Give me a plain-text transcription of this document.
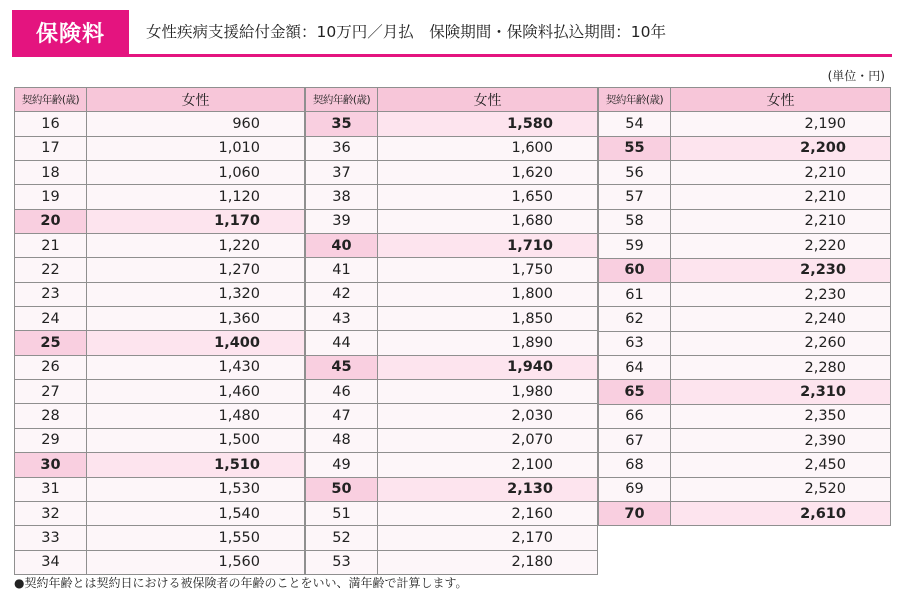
保険料	女性疾病支援給付金額：10万円／月払　保険期間・保険料払込期間：10年
(単位・円)
契約年齢(歳)	女性
16	960
17	1,010
18	1,060
19	1,120
20	1,170
21	1,220
22	1,270
23	1,320
24	1,360
25	1,400
26	1,430
27	1,460
28	1,480
29	1,500
30	1,510
31	1,530
32	1,540
33	1,550
34	1,560
契約年齢(歳)	女性
35	1,580
36	1,600
37	1,620
38	1,650
39	1,680
40	1,710
41	1,750
42	1,800
43	1,850
44	1,890
45	1,940
46	1,980
47	2,030
48	2,070
49	2,100
50	2,130
51	2,160
52	2,170
53	2,180
契約年齢(歳)	女性
54	2,190
55	2,200
56	2,210
57	2,210
58	2,210
59	2,220
60	2,230
61	2,230
62	2,240
63	2,260
64	2,280
65	2,310
66	2,350
67	2,390
68	2,450
69	2,520
70	2,610

●契約年齢とは契約日における被保険者の年齢のことをいい、満年齢で計算します。
